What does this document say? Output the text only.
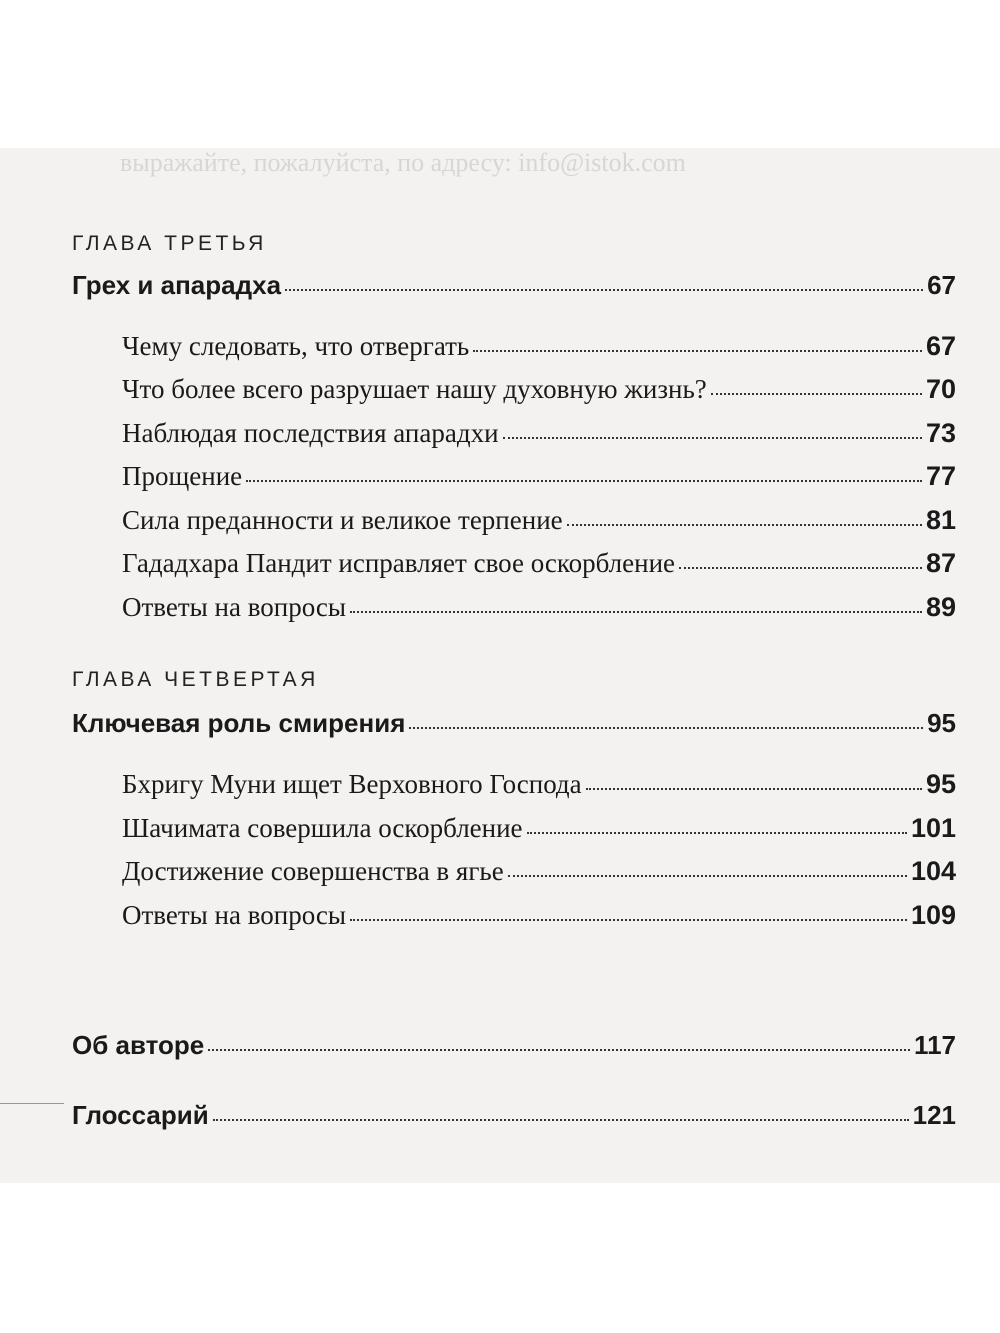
выражайте, пожалуйста, по адресу: info@istok.com
ГЛАВА ТРЕТЬЯ
Грех и апарадха	67
Чему следовать, что отвергать	67
Что более всего разрушает нашу духовную жизнь?	70
Наблюдая последствия апарадхи	73
Прощение	77
Сила преданности и великое терпение	81
Гададхара Пандит исправляет свое оскорбление	87
Ответы на вопросы	89
ГЛАВА ЧЕТВЕРТАЯ
Ключевая роль смирения	95
Бхригу Муни ищет Верховного Господа	95
Шачимата совершила оскорбление	101
Достижение совершенства в ягье	104
Ответы на вопросы	109
Об авторе	117
Глоссарий	121
